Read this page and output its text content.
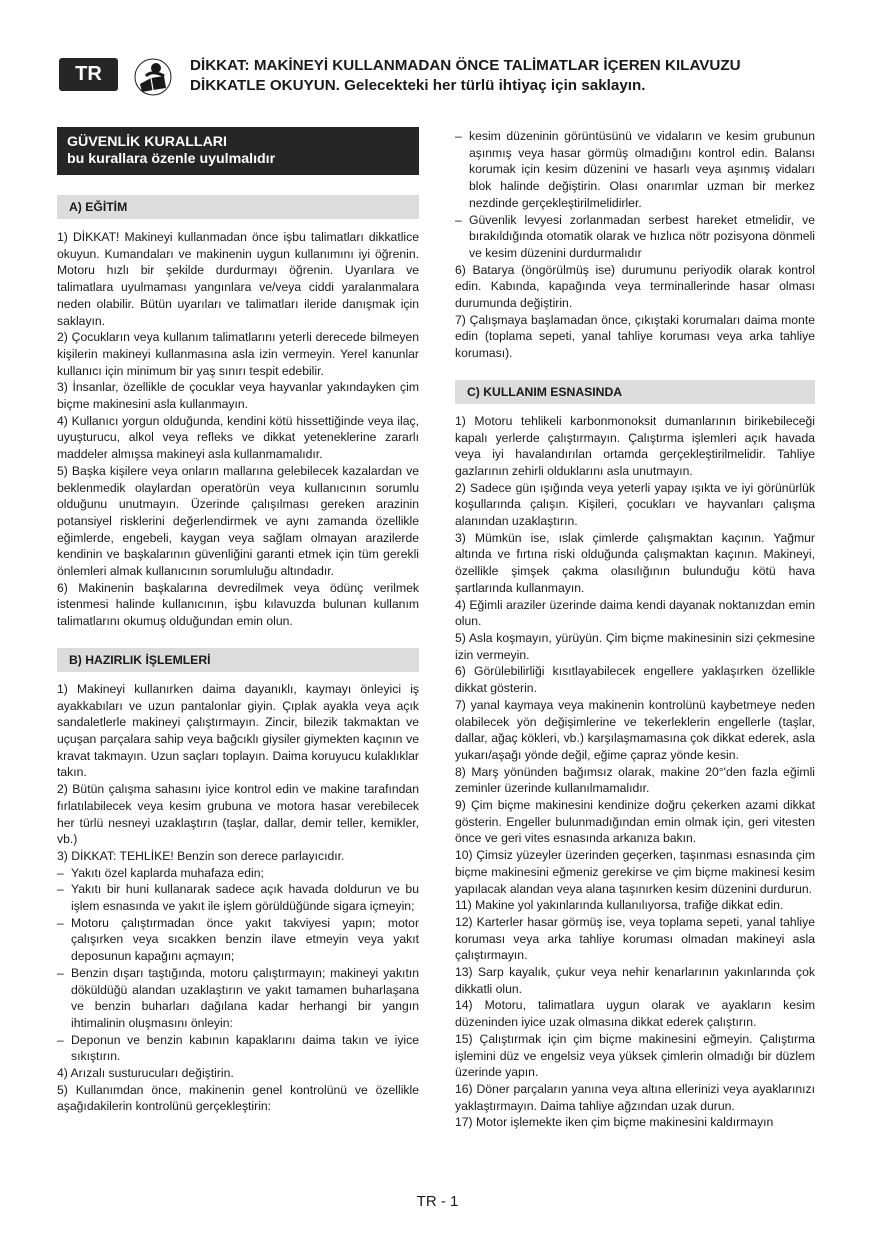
TR	DİKKAT: MAKİNEYİ KULLANMADAN ÖNCE TALİMATLAR İÇEREN KILAVUZU
DİKKATLE OKUYUN. Gelecekteki her türlü ihtiyaç için saklayın.
GÜVENLİK KURALLARI
bu kurallara özenle uyulmalıdır
A) EĞİTİM

1) DİKKAT! Makineyi kullanmadan önce işbu talimatları dikkatlice okuyun. Kumandaları ve makinenin uygun kullanımını iyi öğrenin. Motoru hızlı bir şekilde durdurmayı öğrenin. Uyarılara ve talimatlara uyulmaması yangınlara ve/veya ciddi yaralanmalara neden olabilir. Bütün uyarıları ve talimatları ileride danışmak için saklayın.

2) Çocukların veya kullanım talimatlarını yeterli derecede bilmeyen kişilerin makineyi kullanmasına asla izin vermeyin. Yerel kanunlar kullanıcı için minimum bir yaş sınırı tespit edebilir.

3) İnsanlar, özellikle de çocuklar veya hayvanlar yakındayken çim biçme makinesini asla kullanmayın.

4) Kullanıcı yorgun olduğunda, kendini kötü hissettiğinde veya ilaç, uyuşturucu, alkol veya refleks ve dikkat yeteneklerine zararlı maddeler almışsa makineyi asla kullanmamalıdır.

5) Başka kişilere veya onların mallarına gelebilecek kazalardan ve beklenmedik olaylardan operatörün veya kullanıcının sorumlu olduğunu unutmayın. Üzerinde çalışılması gereken arazinin potansiyel risklerini değerlendirmek ve aynı zamanda özellikle eğimlerde, engebeli, kaygan veya sağlam olmayan arazilerde kendinin ve başkalarının güvenliğini garanti etmek için tüm gerekli önlemleri almak kullanıcının sorumluluğu altındadır.

6) Makinenin başkalarına devredilmek veya ödünç verilmek istenmesi halinde kullanıcının, işbu kılavuzda bulunan kullanım talimatlarını okumuş olduğundan emin olun.

B) HAZIRLIK İŞLEMLERİ

1) Makineyi kullanırken daima dayanıklı, kaymayı önleyici iş ayakkabıları ve uzun pantalonlar giyin. Çıplak ayakla veya açık sandaletlerle makineyi çalıştırmayın. Zincir, bilezik takmaktan ve uçuşan parçalara sahip veya bağcıklı giysiler giymekten kaçının ve kravat takmayın. Uzun saçları toplayın. Daima koruyucu kulaklıklar takın.

2) Bütün çalışma sahasını iyice kontrol edin ve makine tarafından fırlatılabilecek veya kesim grubuna ve motora hasar verebilecek her türlü nesneyi uzaklaştırın (taşlar, dallar, demir teller, kemikler, vb.)

3) DİKKAT: TEHLİKE! Benzin son derece parlayıcıdır.

– Yakıtı özel kaplarda muhafaza edin;

– Yakıtı bir huni kullanarak sadece açık havada doldurun ve bu işlem esnasında ve yakıt ile işlem görüldüğünde sigara içmeyin;

– Motoru çalıştırmadan önce yakıt takviyesi yapın; motor çalışırken veya sıcakken benzin ilave etmeyin veya yakıt deposunun kapağını açmayın;

– Benzin dışarı taştığında, motoru çalıştırmayın; makineyi yakıtın döküldüğü alandan uzaklaştırın ve yakıt tamamen buharlaşana ve benzin buharları dağılana kadar herhangi bir yangın ihtimalinin oluşmasını önleyin:

– Deponun ve benzin kabının kapaklarını daima takın ve iyice sıkıştırın.

4) Arızalı susturucuları değiştirin.

5) Kullanımdan önce, makinenin genel kontrolünü ve özellikle aşağıdakilerin kontrolünü gerçekleştirin:

– kesim düzeninin görüntüsünü ve vidaların ve kesim grubunun aşınmış veya hasar görmüş olmadığını kontrol edin. Balansı korumak için kesim düzenini ve hasarlı veya aşınmış vidaları blok halinde değiştirin. Olası onarımlar uzman bir merkez nezdinde gerçekleştirilmelidirler.

– Güvenlik levyesi zorlanmadan serbest hareket etmelidir, ve bırakıldığında otomatik olarak ve hızlıca nötr pozisyona dönmeli ve kesim düzenini durdurmalıdır

6) Batarya (öngörülmüş ise) durumunu periyodik olarak kontrol edin. Kabında, kapağında veya terminallerinde hasar olması durumunda değiştirin.

7) Çalışmaya başlamadan önce, çıkıştaki korumaları daima monte edin (toplama sepeti, yanal tahliye koruması veya arka tahliye koruması).

C) KULLANIM ESNASINDA

1) Motoru tehlikeli karbonmonoksit dumanlarının birikebileceği kapalı yerlerde çalıştırmayın. Çalıştırma işlemleri açık havada veya iyi havalandırılan ortamda gerçekleştirilmelidir. Tahliye gazlarının zehirli olduklarını asla unutmayın.

2) Sadece gün ışığında veya yeterli yapay ışıkta ve iyi görünürlük koşullarında çalışın. Kişileri, çocukları ve hayvanları çalışma alanından uzaklaştırın.

3) Mümkün ise, ıslak çimlerde çalışmaktan kaçının. Yağmur altında ve fırtına riski olduğunda çalışmaktan kaçının. Makineyi, özellikle şimşek çakma olasılığının bulunduğu kötü hava şartlarında kullanmayın.

4) Eğimli araziler üzerinde daima kendi dayanak noktanızdan emin olun.

5) Asla koşmayın, yürüyün. Çim biçme makinesinin sizi çekmesine izin vermeyin.

6) Görülebilirliği kısıtlayabilecek engellere yaklaşırken özellikle dikkat gösterin.

7) yanal kaymaya veya makinenin kontrolünü kaybetmeye neden olabilecek yön değişimlerine ve tekerleklerin engellerle (taşlar, dallar, ağaç kökleri, vb.) karşılaşmamasına çok dikkat ederek, asla yukarı/aşağı yönde değil, eğime çapraz yönde kesin.

8) Marş yönünden bağımsız olarak, makine 20°'den fazla eğimli zeminler üzerinde kullanılmamalıdır.

9) Çim biçme makinesini kendinize doğru çekerken azami dikkat gösterin. Engeller bulunmadığından emin olmak için, geri vitesten önce ve geri vites esnasında arkanıza bakın.

10) Çimsiz yüzeyler üzerinden geçerken, taşınması esnasında çim biçme makinesini eğmeniz gerekirse ve çim biçme makinesi kesim yapılacak alandan veya alana taşınırken kesim düzenini durdurun.

11) Makine yol yakınlarında kullanılıyorsa, trafiğe dikkat edin.

12) Karterler hasar görmüş ise, veya toplama sepeti, yanal tahliye koruması veya arka tahliye koruması olmadan makineyi asla çalıştırmayın.

13) Sarp kayalık, çukur veya nehir kenarlarının yakınlarında çok dikkatli olun.

14) Motoru, talimatlara uygun olarak ve ayakların kesim düzeninden iyice uzak olmasına dikkat ederek çalıştırın.

15) Çalıştırmak için çim biçme makinesini eğmeyin. Çalıştırma işlemini düz ve engelsiz veya yüksek çimlerin olmadığı bir düzlem üzerinde yapın.

16) Döner parçaların yanına veya altına ellerinizi veya ayaklarınızı yaklaştırmayın. Daima tahliye ağzından uzak durun.

17) Motor işlemekte iken çim biçme makinesini kaldırmayın

TR - 1
